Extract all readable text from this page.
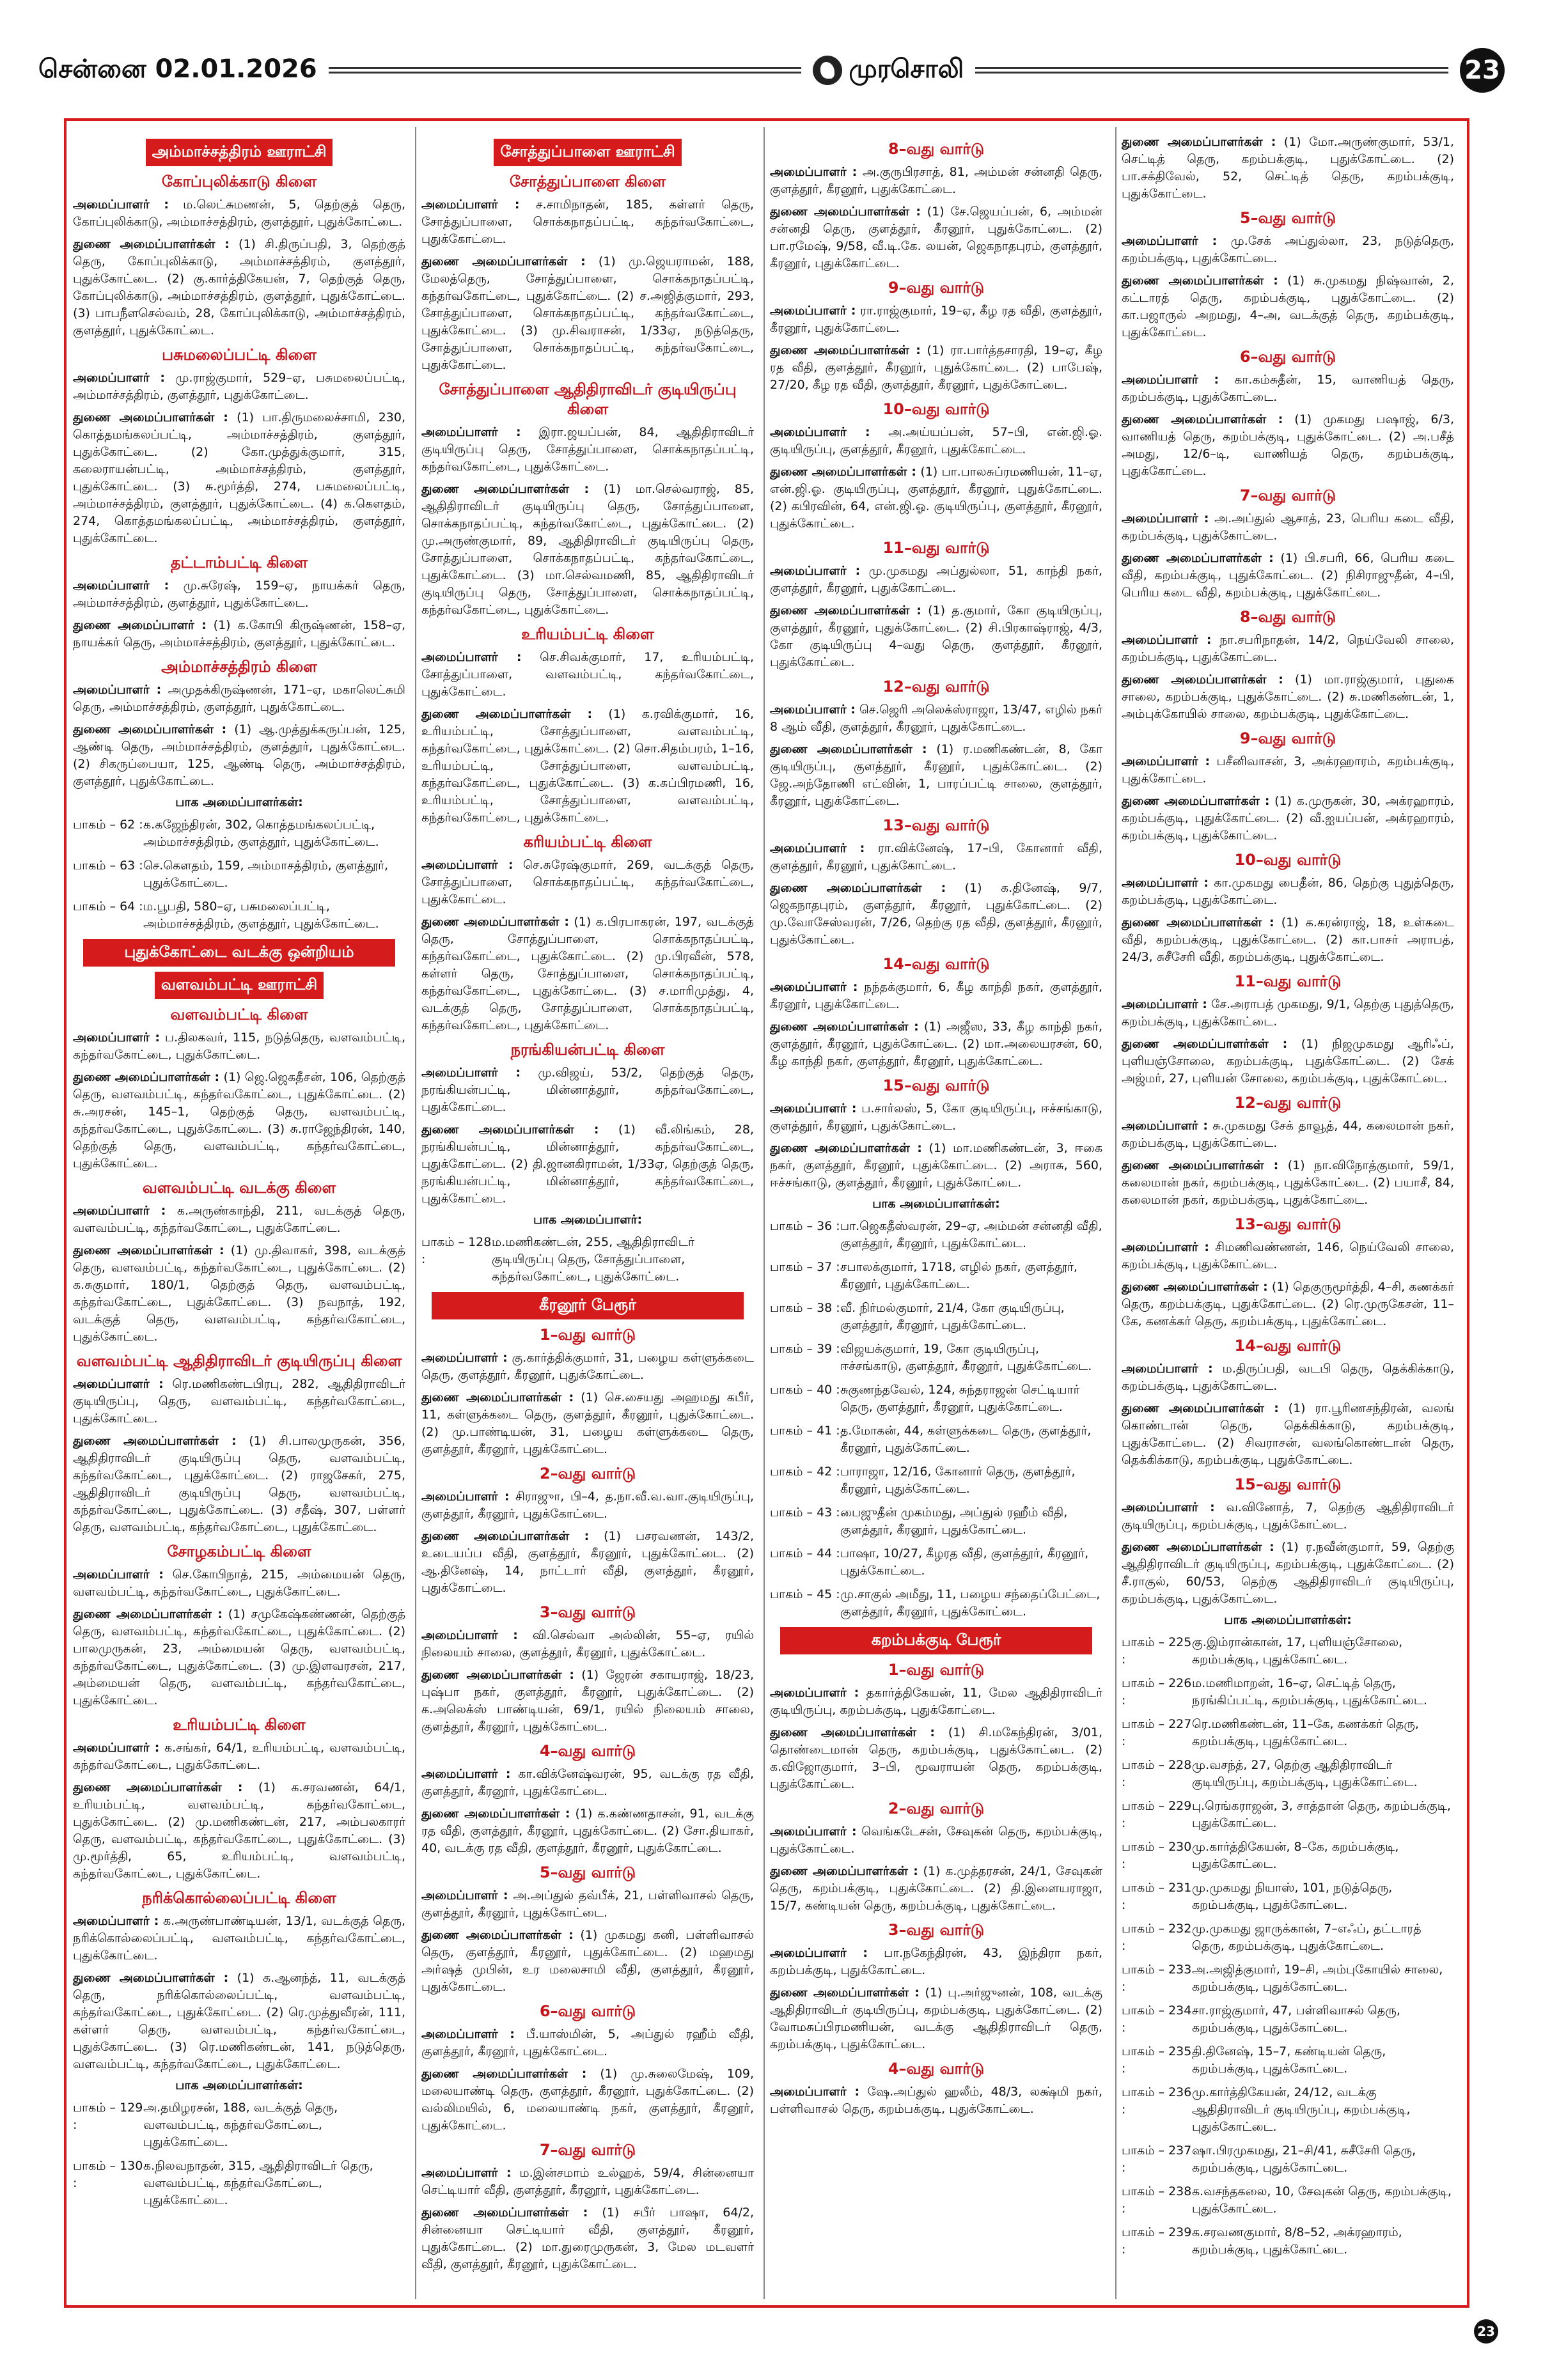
சென்னை 02.01.2026	முரசொலி	23
அம்மாச்சத்திரம் ஊராட்சி
கோப்புலிக்காடு கிளை

அமைப்பாளர் : ம.லெட்சுமணன், 5, தெற்குத் தெரு, கோப்புலிக்காடு, அம்மாச்சத்திரம், குளத்தூர், புதுக்கோட்டை.

துணை அமைப்பாளர்கள் : (1) சி.திருப்பதி, 3, தெற்குத் தெரு, கோப்புலிக்காடு, அம்மாச்சத்திரம், குளத்தூர், புதுக்கோட்டை. (2) கு.கார்த்திகேயன், 7, தெற்குத் தெரு, கோப்புலிக்காடு, அம்மாச்சத்திரம், குளத்தூர், புதுக்கோட்டை. (3) பாபநீளசெல்வம், 28, கோப்புலிக்காடு, அம்மாச்சத்திரம், குளத்தூர், புதுக்கோட்டை.

பசுமலைப்பட்டி கிளை

அமைப்பாளர் : மு.ராஜ்குமார், 529–ஏ, பசுமலைப்பட்டி, அம்மாச்சத்திரம், குளத்தூர், புதுக்கோட்டை.

துணை அமைப்பாளர்கள் : (1) பா.திருமலைச்சாமி, 230, கொத்தமங்கலப்பட்டி, அம்மாச்சத்திரம், குளத்தூர், புதுக்கோட்டை. (2) கோ.முத்துக்குமார், 315, கலைராயன்பட்டி, அம்மாச்சத்திரம், குளத்தூர், புதுக்கோட்டை. (3) சு.மூர்த்தி, 274, பசுமலைப்பட்டி, அம்மாச்சத்திரம், குளத்தூர், புதுக்கோட்டை. (4) க.கௌதம், 274, கொத்தமங்கலப்பட்டி, அம்மாச்சத்திரம், குளத்தூர், புதுக்கோட்டை.

தட்டாம்பட்டி கிளை

அமைப்பாளர் : மு.சுரேஷ், 159–ஏ, நாயக்கர் தெரு, அம்மாச்சத்திரம், குளத்தூர், புதுக்கோட்டை.

துணை அமைப்பாளர் : (1) க.கோபி கிருஷ்ணன், 158–ஏ, நாயக்கர் தெரு, அம்மாச்சத்திரம், குளத்தூர், புதுக்கோட்டை.

அம்மாச்சத்திரம் கிளை

அமைப்பாளர் : அமுதக்கிருஷ்ணன், 171–ஏ, மகாலெட்சுமி தெரு, அம்மாச்சத்திரம், குளத்தூர், புதுக்கோட்டை.

துணை அமைப்பாளர்கள் : (1) ஆ.முத்துக்கருப்பன், 125, ஆண்டி தெரு, அம்மாச்சத்திரம், குளத்தூர், புதுக்கோட்டை. (2) சிகருப்பையா, 125, ஆண்டி தெரு, அம்மாச்சத்திரம், குளத்தூர், புதுக்கோட்டை.

பாக அமைப்பாளர்கள்:
பாகம் – 62 : க.கஜேந்திரன், 302, கொத்தமங்கலப்பட்டி, அம்மாச்சத்திரம், குளத்தூர், புதுக்கோட்டை.
பாகம் – 63 : செ.கௌதம், 159, அம்மாசத்திரம், குளத்தூர், புதுக்கோட்டை.
பாகம் – 64 : ம.பூபதி, 580–ஏ, பசுமலைப்பட்டி, அம்மாச்சத்திரம், குளத்தூர், புதுக்கோட்டை.
புதுக்கோட்டை வடக்கு ஒன்றியம்
வளவம்பட்டி ஊராட்சி
வளவம்பட்டி கிளை

அமைப்பாளர் : ப.திலகவர், 115, நடுத்தெரு, வளவம்பட்டி, கந்தர்வகோட்டை, புதுக்கோட்டை.

துணை அமைப்பாளர்கள் : (1) ஜெ.ஜெகதீசன், 106, தெற்குத் தெரு, வளவம்பட்டி, கந்தர்வகோட்டை, புதுக்கோட்டை. (2) சு.அரசன், 145–1, தெற்குத் தெரு, வளவம்பட்டி, கந்தர்வகோட்டை, புதுக்கோட்டை. (3) சு.ராஜேந்திரன், 140, தெற்குத் தெரு, வளவம்பட்டி, கந்தர்வகோட்டை, புதுக்கோட்டை.

வளவம்பட்டி வடக்கு கிளை

அமைப்பாளர் : க.அருண்காந்தி, 211, வடக்குத் தெரு, வளவம்பட்டி, கந்தர்வகோட்டை, புதுக்கோட்டை.

துணை அமைப்பாளர்கள் : (1) மு.திவாகர், 398, வடக்குத் தெரு, வளவம்பட்டி, கந்தர்வகோட்டை, புதுக்கோட்டை. (2) க.சுகுமார், 180/1, தெற்குத் தெரு, வளவம்பட்டி, கந்தர்வகோட்டை, புதுக்கோட்டை. (3) நவநாத், 192, வடக்குத் தெரு, வளவம்பட்டி, கந்தர்வகோட்டை, புதுக்கோட்டை.

வளவம்பட்டி ஆதிதிராவிடர் குடியிருப்பு கிளை

அமைப்பாளர் : ரெ.மணிகண்டபிரபு, 282, ஆதிதிராவிடர் குடியிருப்பு, தெரு, வளவம்பட்டி, கந்தர்வகோட்டை, புதுக்கோட்டை.

துணை அமைப்பாளர்கள் : (1) சி.பாலமுருகன், 356, ஆதிதிராவிடர் குடியிருப்பு தெரு, வளவம்பட்டி, கந்தர்வகோட்டை, புதுக்கோட்டை. (2) ராஜசேகர், 275, ஆதிதிராவிடர் குடியிருப்பு தெரு, வளவம்பட்டி, கந்தர்வகோட்டை, புதுக்கோட்டை. (3) சதீஷ், 307, பள்ளர் தெரு, வளவம்பட்டி, கந்தர்வகோட்டை, புதுக்கோட்டை.

சோழகம்பட்டி கிளை

அமைப்பாளர் : செ.கோபிநாத், 215, அம்மையன் தெரு, வளவம்பட்டி, கந்தர்வகோட்டை, புதுக்கோட்டை.

துணை அமைப்பாளர்கள் : (1) சமுகேஷ்கண்ணன், தெற்குத் தெரு, வளவம்பட்டி, கந்தர்வகோட்டை, புதுக்கோட்டை. (2) பாலமுருகன், 23, அம்மையன் தெரு, வளவம்பட்டி, கந்தர்வகோட்டை, புதுக்கோட்டை. (3) மு.இளவரசன், 217, அம்மையன் தெரு, வளவம்பட்டி, கந்தர்வகோட்டை, புதுக்கோட்டை.

உரியம்பட்டி கிளை

அமைப்பாளர் : க.சங்கர், 64/1, உரியம்பட்டி, வளவம்பட்டி, கந்தர்வகோட்டை, புதுக்கோட்டை.

துணை அமைப்பாளர்கள் : (1) க.சரவணன், 64/1, உரியம்பட்டி, வளவம்பட்டி, கந்தர்வகோட்டை, புதுக்கோட்டை. (2) மு.மணிகண்டன், 217, அம்பலகாரர் தெரு, வளவம்பட்டி, கந்தர்வகோட்டை, புதுக்கோட்டை. (3) மு.மூர்த்தி, 65, உரியம்பட்டி, வளவம்பட்டி, கந்தர்வகோட்டை, புதுக்கோட்டை.

நரிக்கொல்லைப்பட்டி கிளை

அமைப்பாளர் : க.அருண்பாண்டியன், 13/1, வடக்குத் தெரு, நரிக்கொல்லைப்பட்டி, வளவம்பட்டி, கந்தர்வகோட்டை, புதுக்கோட்டை.

துணை அமைப்பாளர்கள் : (1) க.ஆனந்த், 11, வடக்குத் தெரு, நரிக்கொல்லைப்பட்டி, வளவம்பட்டி, கந்தர்வகோட்டை, புதுக்கோட்டை. (2) ரெ.முத்துவீரன், 111, கள்ளர் தெரு, வளவம்பட்டி, கந்தர்வகோட்டை, புதுக்கோட்டை. (3) ரெ.மணிகண்டன், 141, நடுத்தெரு, வளவம்பட்டி, கந்தர்வகோட்டை, புதுக்கோட்டை.

பாக அமைப்பாளர்கள்:
பாகம் – 129 :
அ.தமிழரசன், 188, வடக்குத் தெரு, வளவம்பட்டி, கந்தர்வகோட்டை, புதுக்கோட்டை.
பாகம் – 130 :
க.நிலவநாதன், 315, ஆதிதிராவிடர் தெரு, வளவம்பட்டி, கந்தர்வகோட்டை, புதுக்கோட்டை.
சோத்துப்பாளை ஊராட்சி
சோத்துப்பாளை கிளை

அமைப்பாளர் : ச.சாமிநாதன், 185, கள்ளர் தெரு, சோத்துப்பாளை, சொக்கநாதப்பட்டி, கந்தர்வகோட்டை, புதுக்கோட்டை.

துணை அமைப்பாளர்கள் : (1) மு.ஜெயராமன், 188, மேலத்தெரு, சோத்துப்பாளை, சொக்கநாதப்பட்டி, கந்தர்வகோட்டை, புதுக்கோட்டை. (2) ச.அஜித்குமார், 293, சோத்துப்பாளை, சொக்கநாதப்பட்டி, கந்தர்வகோட்டை, புதுக்கோட்டை. (3) மு.சிவராசன், 1/33ஏ, நடுத்தெரு, சோத்துப்பாளை, சொக்கநாதப்பட்டி, கந்தர்வகோட்டை, புதுக்கோட்டை.

சோத்துப்பாளை ஆதிதிராவிடர் குடியிருப்பு கிளை

அமைப்பாளர் : இரா.ஜயப்பன், 84, ஆதிதிராவிடர் குடியிருப்பு தெரு, சோத்துப்பாளை, சொக்கநாதப்பட்டி, கந்தர்வகோட்டை, புதுக்கோட்டை.

துணை அமைப்பாளர்கள் : (1) மா.செல்வராஜ், 85, ஆதிதிராவிடர் குடியிருப்பு தெரு, சோத்துப்பாளை, சொக்கநாதப்பட்டி, கந்தர்வகோட்டை, புதுக்கோட்டை. (2) மு.அருண்குமார், 89, ஆதிதிராவிடர் குடியிருப்பு தெரு, சோத்துப்பாளை, சொக்கநாதப்பட்டி, கந்தர்வகோட்டை, புதுக்கோட்டை. (3) மா.செல்வமணி, 85, ஆதிதிராவிடர் குடியிருப்பு தெரு, சோத்துப்பாளை, சொக்கநாதப்பட்டி, கந்தர்வகோட்டை, புதுக்கோட்டை.

உரியம்பட்டி கிளை

அமைப்பாளர் : செ.சிவக்குமார், 17, உரியம்பட்டி, சோத்துப்பாளை, வளவம்பட்டி, கந்தர்வகோட்டை, புதுக்கோட்டை.

துணை அமைப்பாளர்கள் : (1) க.ரவிக்குமார், 16, உரியம்பட்டி, சோத்துப்பாளை, வளவம்பட்டி, கந்தர்வகோட்டை, புதுக்கோட்டை. (2) சொ.சிதம்பரம், 1–16, உரியம்பட்டி, சோத்துப்பாளை, வளவம்பட்டி, கந்தர்வகோட்டை, புதுக்கோட்டை. (3) க.சுப்பிரமணி, 16, உரியம்பட்டி, சோத்துப்பாளை, வளவம்பட்டி, கந்தர்வகோட்டை, புதுக்கோட்டை.

கரியம்பட்டி கிளை

அமைப்பாளர் : செ.சுரேஷ்குமார், 269, வடக்குத் தெரு, சோத்துப்பாளை, சொக்கநாதப்பட்டி, கந்தர்வகோட்டை, புதுக்கோட்டை.

துணை அமைப்பாளர்கள் : (1) க.பிரபாகரன், 197, வடக்குத் தெரு, சோத்துப்பாளை, சொக்கநாதப்பட்டி, கந்தர்வகோட்டை, புதுக்கோட்டை. (2) மு.பிரவீன், 578, கள்ளர் தெரு, சோத்துப்பாளை, சொக்கநாதப்பட்டி, கந்தர்வகோட்டை, புதுக்கோட்டை. (3) ச.மாரிமுத்து, 4, வடக்குத் தெரு, சோத்துப்பாளை, சொக்கநாதப்பட்டி, கந்தர்வகோட்டை, புதுக்கோட்டை.

நரங்கியன்பட்டி கிளை

அமைப்பாளர் : மு.விஜய், 53/2, தெற்குத் தெரு, நரங்கியன்பட்டி, மின்னாத்தூர், கந்தர்வகோட்டை, புதுக்கோட்டை.

துணை அமைப்பாளர்கள் : (1) வீ.லிங்கம், 28, நரங்கியன்பட்டி, மின்னாத்தூர், கந்தர்வகோட்டை, புதுக்கோட்டை. (2) தி.ஜானகிராமன், 1/33ஏ, தெற்குத் தெரு, நரங்கியன்பட்டி, மின்னாத்தூர், கந்தர்வகோட்டை, புதுக்கோட்டை.

பாக அமைப்பாளர்:
பாகம் – 128 :
ம.மணிகண்டன், 255, ஆதிதிராவிடர் குடியிருப்பு தெரு, சோத்துப்பாளை, கந்தர்வகோட்டை, புதுக்கோட்டை.
கீரனூர் பேரூர்
1–வது வார்டு

அமைப்பாளர் : கு.கார்த்திக்குமார், 31, பழைய கள்ளுக்கடை தெரு, குளத்தூர், கீரனூர், புதுக்கோட்டை.

துணை அமைப்பாளர்கள் : (1) செ.சையது அஹமது கபீர், 11, கள்ளுக்கடை தெரு, குளத்தூர், கீரனூர், புதுக்கோட்டை. (2) மு.பாண்டியன், 31, பழைய கள்ளுக்கடை தெரு, குளத்தூர், கீரனூர், புதுக்கோட்டை.

2–வது வார்டு

அமைப்பாளர் : சிராஜுா, பி–4, த.நா.வீ.வ.வா.குடியிருப்பு, குளத்தூர், கீரனூர், புதுக்கோட்டை.

துணை அமைப்பாளர்கள் : (1) பசரவணன், 143/2, உடையப்ப வீதி, குளத்தூர், கீரனூர், புதுக்கோட்டை. (2) ஆ.தினேஷ், 14, நாட்டார் வீதி, குளத்தூர், கீரனூர், புதுக்கோட்டை.

3–வது வார்டு

அமைப்பாளர் : வி.செல்வா அல்லின், 55–ஏ, ரயில் நிலையம் சாலை, குளத்தூர், கீரனூர், புதுக்கோட்டை.

துணை அமைப்பாளர்கள் : (1) ஜேரன் சகாயராஜ், 18/23, புஷ்பா நகர், குளத்தூர், கீரனூர், புதுக்கோட்டை. (2) க.அலெக்ஸ் பாண்டியன், 69/1, ரயில் நிலையம் சாலை, குளத்தூர், கீரனூர், புதுக்கோட்டை.

4–வது வார்டு

அமைப்பாளர் : கா.விக்னேஷ்வரன், 95, வடக்கு ரத வீதி, குளத்தூர், கீரனூர், புதுக்கோட்டை.

துணை அமைப்பாளர்கள் : (1) க.கண்ணதாசன், 91, வடக்கு ரத வீதி, குளத்தூர், கீரனூர், புதுக்கோட்டை. (2) சோ.தியாகர், 40, வடக்கு ரத வீதி, குளத்தூர், கீரனூர், புதுக்கோட்டை.

5–வது வார்டு

அமைப்பாளர் : அ.அப்துல் தவ்பீக், 21, பள்ளிவாசல் தெரு, குளத்தூர், கீரனூர், புதுக்கோட்டை.

துணை அமைப்பாளர்கள் : (1) முகமது கனி, பள்ளிவாசல் தெரு, குளத்தூர், கீரனூர், புதுக்கோட்டை. (2) மஹமது அர்ஷத் முபின், உர மலைசாமி வீதி, குளத்தூர், கீரனூர், புதுக்கோட்டை.

6–வது வார்டு

அமைப்பாளர் : பீ.யாஸ்மின், 5, அப்துல் ரஹீம் வீதி, குளத்தூர், கீரனூர், புதுக்கோட்டை.

துணை அமைப்பாளர்கள் : (1) மு.சுலைமேஷ், 109, மலையாண்டி தெரு, குளத்தூர், கீரனூர், புதுக்கோட்டை. (2) வல்லிமயில், 6, மலையாண்டி நகர், குளத்தூர், கீரனூர், புதுக்கோட்டை.

7–வது வார்டு

அமைப்பாளர் : ம.இன்சமாம் உல்ஹக், 59/4, சின்னையா செட்டியார் வீதி, குளத்தூர், கீரனூர், புதுக்கோட்டை.

துணை அமைப்பாளர்கள் : (1) சபீர் பாஷா, 64/2, சின்னையா செட்டியார் வீதி, குளத்தூர், கீரனூர், புதுக்கோட்டை. (2) மா.துரைமுருகன், 3, மேல மடவளர் வீதி, குளத்தூர், கீரனூர், புதுக்கோட்டை.

8–வது வார்டு

அமைப்பாளர் : அ.குருபிரசாத், 81, அம்மன் சன்னதி தெரு, குளத்தூர், கீரனூர், புதுக்கோட்டை.

துணை அமைப்பாளர்கள் : (1) சே.ஜெயப்பன், 6, அம்மன் சன்னதி தெரு, குளத்தூர், கீரனூர், புதுக்கோட்டை. (2) பா.ரமேஷ், 9/58, வீ.டி.கே. லயன், ஜெகநாதபுரம், குளத்தூர், கீரனூர், புதுக்கோட்டை.

9–வது வார்டு

அமைப்பாளர் : ரா.ராஜ்குமார், 19–ஏ, கீழ ரத வீதி, குளத்தூர், கீரனூர், புதுக்கோட்டை.

துணை அமைப்பாளர்கள் : (1) ரா.பார்த்தசாரதி, 19–ஏ, கீழ ரத வீதி, குளத்தூர், கீரனூர், புதுக்கோட்டை. (2) பாபேஷ், 27/20, கீழ ரத வீதி, குளத்தூர், கீரனூர், புதுக்கோட்டை.

10–வது வார்டு

அமைப்பாளர் : அ.அய்யப்பன், 57–பி, என்.ஜி.ஓ. குடியிருப்பு, குளத்தூர், கீரனூர், புதுக்கோட்டை.

துணை அமைப்பாளர்கள் : (1) பா.பாலசுப்ரமணியன், 11–ஏ, என்.ஜி.ஓ. குடியிருப்பு, குளத்தூர், கீரனூர், புதுக்கோட்டை. (2) கபிரவின், 64, என்.ஜி.ஓ. குடியிருப்பு, குளத்தூர், கீரனூர், புதுக்கோட்டை.

11–வது வார்டு

அமைப்பாளர் : மு.முகமது அப்துல்லா, 51, காந்தி நகர், குளத்தூர், கீரனூர், புதுக்கோட்டை.

துணை அமைப்பாளர்கள் : (1) த.குமார், கோ குடியிருப்பு, குளத்தூர், கீரனூர், புதுக்கோட்டை. (2) சி.பிரகாஷ்ராஜ், 4/3, கோ குடியிருப்பு 4–வது தெரு, குளத்தூர், கீரனூர், புதுக்கோட்டை.

12–வது வார்டு

அமைப்பாளர் : செ.ஜெரி அலெக்ஸ்ராஜா, 13/47, எழில் நகர் 8 ஆம் வீதி, குளத்தூர், கீரனூர், புதுக்கோட்டை.

துணை அமைப்பாளர்கள் : (1) ர.மணிகண்டன், 8, கோ குடியிருப்பு, குளத்தூர், கீரனூர், புதுக்கோட்டை. (2) ஜே.அந்தோணி எட்வின், 1, பாரப்பட்டி சாலை, குளத்தூர், கீரனூர், புதுக்கோட்டை.

13–வது வார்டு

அமைப்பாளர் : ரா.விக்னேஷ், 17–பி, கோனார் வீதி, குளத்தூர், கீரனூர், புதுக்கோட்டை.

துணை அமைப்பாளர்கள் : (1) க.தினேஷ், 9/7, ஜெகநாதபுரம், குளத்தூர், கீரனூர், புதுக்கோட்டை. (2) மு.வோசேஸ்வரன், 7/26, தெற்கு ரத வீதி, குளத்தூர், கீரனூர், புதுக்கோட்டை.

14–வது வார்டு

அமைப்பாளர் : நந்தக்குமார், 6, கீழ காந்தி நகர், குளத்தூர், கீரனூர், புதுக்கோட்டை.

துணை அமைப்பாளர்கள் : (1) அஜீஸ, 33, கீழ காந்தி நகர், குளத்தூர், கீரனூர், புதுக்கோட்டை. (2) மா.அலையரசன், 60, கீழ காந்தி நகர், குளத்தூர், கீரனூர், புதுக்கோட்டை.

15–வது வார்டு

அமைப்பாளர் : ப.சார்லஸ், 5, கோ குடியிருப்பு, ஈச்சங்காடு, குளத்தூர், கீரனூர், புதுக்கோட்டை.

துணை அமைப்பாளர்கள் : (1) மா.மணிகண்டன், 3, ஈகை நகர், குளத்தூர், கீரனூர், புதுக்கோட்டை. (2) அராசு, 560, ஈச்சங்காடு, குளத்தூர், கீரனூர், புதுக்கோட்டை.

பாக அமைப்பாளர்கள்:
பாகம் – 36 : பா.ஜெகதீஸ்வரன், 29–ஏ, அம்மன் சன்னதி வீதி, குளத்தூர், கீரனூர், புதுக்கோட்டை.
பாகம் – 37 : சபாலக்குமார், 1718, எழில் நகர், குளத்தூர், கீரனூர், புதுக்கோட்டை.
பாகம் – 38 : வீ. நிர்மல்குமார், 21/4, கோ குடியிருப்பு, குளத்தூர், கீரனூர், புதுக்கோட்டை.
பாகம் – 39 : விஜயக்குமார், 19, கோ குடியிருப்பு, ஈச்சங்காடு, குளத்தூர், கீரனூர், புதுக்கோட்டை.
பாகம் – 40 : சுகுணந்தவேல், 124, சுந்தராஜன் செட்டியார் தெரு, குளத்தூர், கீரனூர், புதுக்கோட்டை.
பாகம் – 41 : த.மோகன், 44, கள்ளுக்கடை தெரு, குளத்தூர், கீரனூர், புதுக்கோட்டை.
பாகம் – 42 : பாராஜா, 12/16, கோனார் தெரு, குளத்தூர், கீரனூர், புதுக்கோட்டை.
பாகம் – 43 : பைஜுதீன் முகம்மது, அப்துல் ரஹீம் வீதி, குளத்தூர், கீரனூர், புதுக்கோட்டை.
பாகம் – 44 : பாஷா, 10/27, கீழரத வீதி, குளத்தூர், கீரனூர், புதுக்கோட்டை.
பாகம் – 45 : மு.சாகுல் அமீது, 11, பழைய சந்தைப்பேட்டை, குளத்தூர், கீரனூர், புதுக்கோட்டை.
கறம்பக்குடி பேரூர்
1–வது வார்டு

அமைப்பாளர் : தகார்த்திகேயன், 11, மேல ஆதிதிராவிடர் குடியிருப்பு, கறம்பக்குடி, புதுக்கோட்டை.

துணை அமைப்பாளர்கள் : (1) சி.மகேந்திரன், 3/01, தொண்டைமான் தெரு, கறம்பக்குடி, புதுக்கோட்டை. (2) க.விஜோகுமார், 3–பி, மூவராயன் தெரு, கறம்பக்குடி, புதுக்கோட்டை.

2–வது வார்டு

அமைப்பாளர் : வெங்கடேசன், சேவுகன் தெரு, கறம்பக்குடி, புதுக்கோட்டை.

துணை அமைப்பாளர்கள் : (1) க.முத்தரசன், 24/1, சேவுகன் தெரு, கறம்பக்குடி, புதுக்கோட்டை. (2) தி.இளையராஜா, 15/7, கண்டியன் தெரு, கறம்பக்குடி, புதுக்கோட்டை.

3–வது வார்டு

அமைப்பாளர் : பா.நகேந்திரன், 43, இந்திரா நகர், கறம்பக்குடி, புதுக்கோட்டை.

துணை அமைப்பாளர்கள் : (1) பு.அர்ஜுனன், 108, வடக்கு ஆதிதிராவிடர் குடியிருப்பு, கறம்பக்குடி, புதுக்கோட்டை. (2) வோமசுப்பிரமணியன், வடக்கு ஆதிதிராவிடர் தெரு, கறம்பக்குடி, புதுக்கோட்டை.

4–வது வார்டு

அமைப்பாளர் : ஷே.அப்துல் ஹலீம், 48/3, லக்ஷ்மி நகர், பள்ளிவாசல் தெரு, கறம்பக்குடி, புதுக்கோட்டை.

துணை அமைப்பாளர்கள் : (1) மோ.அருண்குமார், 53/1, செட்டித் தெரு, கறம்பக்குடி, புதுக்கோட்டை. (2) பா.சக்திவேல், 52, செட்டித் தெரு, கறம்பக்குடி, புதுக்கோட்டை.

5–வது வார்டு

அமைப்பாளர் : மு.சேக் அப்துல்லா, 23, நடுத்தெரு, கறம்பக்குடி, புதுக்கோட்டை.

துணை அமைப்பாளர்கள் : (1) சு.முகமது நிஷ்வான், 2, கட்டாரத் தெரு, கறம்பக்குடி, புதுக்கோட்டை. (2) கா.பஜாருல் அறமது, 4–அ, வடக்குத் தெரு, கறம்பக்குடி, புதுக்கோட்டை.

6–வது வார்டு

அமைப்பாளர் : கா.கம்சுதீன், 15, வாணியத் தெரு, கறம்பக்குடி, புதுக்கோட்டை.

துணை அமைப்பாளர்கள் : (1) முகமது பஷாஜ், 6/3, வாணியத் தெரு, கறம்பக்குடி, புதுக்கோட்டை. (2) அ.பசீத் அமது, 12/6–டி, வாணியத் தெரு, கறம்பக்குடி, புதுக்கோட்டை.

7–வது வார்டு

அமைப்பாளர் : அ.அப்துல் ஆசாத், 23, பெரிய கடை வீதி, கறம்பக்குடி, புதுக்கோட்டை.

துணை அமைப்பாளர்கள் : (1) பி.சபரி, 66, பெரிய கடை வீதி, கறம்பக்குடி, புதுக்கோட்டை. (2) நிசிராஜுதீன், 4–பி, பெரிய கடை வீதி, கறம்பக்குடி, புதுக்கோட்டை.

8–வது வார்டு

அமைப்பாளர் : நா.சபரிநாதன், 14/2, நெய்வேலி சாலை, கறம்பக்குடி, புதுக்கோட்டை.

துணை அமைப்பாளர்கள் : (1) மா.ராஜ்குமார், புதுகை சாலை, கறம்பக்குடி, புதுக்கோட்டை. (2) சு.மணிகண்டன், 1, அம்புக்கோயில் சாலை, கறம்பக்குடி, புதுக்கோட்டை.

9–வது வார்டு

அமைப்பாளர் : பசீனிவாசன், 3, அக்ரஹாரம், கறம்பக்குடி, புதுக்கோட்டை.

துணை அமைப்பாளர்கள் : (1) க.முருகன், 30, அக்ரஹாரம், கறம்பக்குடி, புதுக்கோட்டை. (2) வீ.ஐயப்பன், அக்ரஹாரம், கறம்பக்குடி, புதுக்கோட்டை.

10–வது வார்டு

அமைப்பாளர் : கா.முகமது பைதீன், 86, தெற்கு புதுத்தெரு, கறம்பக்குடி, புதுக்கோட்டை.

துணை அமைப்பாளர்கள் : (1) க.கரன்ராஜ், 18, உள்கடை வீதி, கறம்பக்குடி, புதுக்கோட்டை. (2) கா.பாசர் அராபத், 24/3, சுசீசேரி வீதி, கறம்பக்குடி, புதுக்கோட்டை.

11–வது வார்டு

அமைப்பாளர் : சே.அராபத் முகமது, 9/1, தெற்கு புதுத்தெரு, கறம்பக்குடி, புதுக்கோட்டை.

துணை அமைப்பாளர்கள் : (1) நிஜமுகமது ஆரிஃப், புளியஞ்சோலை, கறம்பக்குடி, புதுக்கோட்டை. (2) சேக் அஜ்மர், 27, புளியன் சோலை, கறம்பக்குடி, புதுக்கோட்டை.

12–வது வார்டு

அமைப்பாளர் : சு.முகமது சேக் தாவூத், 44, கலைமான் நகர், கறம்பக்குடி, புதுக்கோட்டை.

துணை அமைப்பாளர்கள் : (1) நா.விநோத்குமார், 59/1, கலைமான் நகர், கறம்பக்குடி, புதுக்கோட்டை. (2) பயாசீ, 84, கலைமான் நகர், கறம்பக்குடி, புதுக்கோட்டை.

13–வது வார்டு

அமைப்பாளர் : சிமணிவண்ணன், 146, நெய்வேலி சாலை, கறம்பக்குடி, புதுக்கோட்டை.

துணை அமைப்பாளர்கள் : (1) தெகுருமூர்த்தி, 4–சி, கணக்கர் தெரு, கறம்பக்குடி, புதுக்கோட்டை. (2) ரெ.முருகேசன், 11–கே, கணக்கர் தெரு, கறம்பக்குடி, புதுக்கோட்டை.

14–வது வார்டு

அமைப்பாளர் : ம.திருப்பதி, வடபி தெரு, தெக்கிக்காடு, கறம்பக்குடி, புதுக்கோட்டை.

துணை அமைப்பாளர்கள் : (1) ரா.பூரிணசந்திரன், வலங் கொண்டான் தெரு, தெக்கிக்காடு, கறம்பக்குடி, புதுக்கோட்டை. (2) சிவராசன், வலங்கொண்டான் தெரு, தெக்கிக்காடு, கறம்பக்குடி, புதுக்கோட்டை.

15–வது வார்டு

அமைப்பாளர் : வ.வினோத், 7, தெற்கு ஆதிதிராவிடர் குடியிருப்பு, கறம்பக்குடி, புதுக்கோட்டை.

துணை அமைப்பாளர்கள் : (1) ர.நவீன்குமார், 59, தெற்கு ஆதிதிராவிடர் குடியிருப்பு, கறம்பக்குடி, புதுக்கோட்டை. (2) சீ.ராகுல், 60/53, தெற்கு ஆதிதிராவிடர் குடியிருப்பு, கறம்பக்குடி, புதுக்கோட்டை.

பாக அமைப்பாளர்கள்:
பாகம் – 225 :
கு.இம்ரான்கான், 17, புளியஞ்சோலை, கறம்பக்குடி, புதுக்கோட்டை.
பாகம் – 226 :
ம.மணிமாறன், 16–ஏ, செட்டித் தெரு, நரங்கிப்பட்டி, கறம்பக்குடி, புதுக்கோட்டை.
பாகம் – 227 :
ரெ.மணிகண்டன், 11–கே, கணக்கர் தெரு, கறம்பக்குடி, புதுக்கோட்டை.
பாகம் – 228 :
மு.வசந்த், 27, தெற்கு ஆதிதிராவிடர் குடியிருப்பு, கறம்பக்குடி, புதுக்கோட்டை.
பாகம் – 229 :
பு.ரெங்கராஜன், 3, சாத்தான் தெரு, கறம்பக்குடி, புதுக்கோட்டை.
பாகம் – 230 :
மு.கார்த்திகேயன், 8–கே, கறம்பக்குடி, புதுக்கோட்டை.
பாகம் – 231 :
மு.முகமது நியாஸ், 101, நடுத்தெரு, கறம்பக்குடி, புதுக்கோட்டை.
பாகம் – 232 :
மு.முகமது ஜாருக்கான், 7–எஃப், தட்டாரத் தெரு, கறம்பக்குடி, புதுக்கோட்டை.
பாகம் – 233 :
அ.அஜித்குமார், 19–சி, அம்புகோயில் சாலை, கறம்பக்குடி, புதுக்கோட்டை.
பாகம் – 234 :
சா.ராஜ்குமார், 47, பள்ளிவாசல் தெரு, கறம்பக்குடி, புதுக்கோட்டை.
பாகம் – 235 :
தி.தினேஷ், 15–7, கண்டியன் தெரு, கறம்பக்குடி, புதுக்கோட்டை.
பாகம் – 236 :
மு.கார்த்திகேயன், 24/12, வடக்கு ஆதிதிராவிடர் குடியிருப்பு, கறம்பக்குடி, புதுக்கோட்டை.
பாகம் – 237 :
ஷா.பிரமுகமது, 21–சி/41, சுசீசேரி தெரு, கறம்பக்குடி, புதுக்கோட்டை.
பாகம் – 238 :
க.வசந்தகலை, 10, சேவுகன் தெரு, கறம்பக்குடி, புதுக்கோட்டை.
பாகம் – 239 :
க.சரவணகுமார், 8/8–52, அக்ரஹாரம், கறம்பக்குடி, புதுக்கோட்டை.
23
